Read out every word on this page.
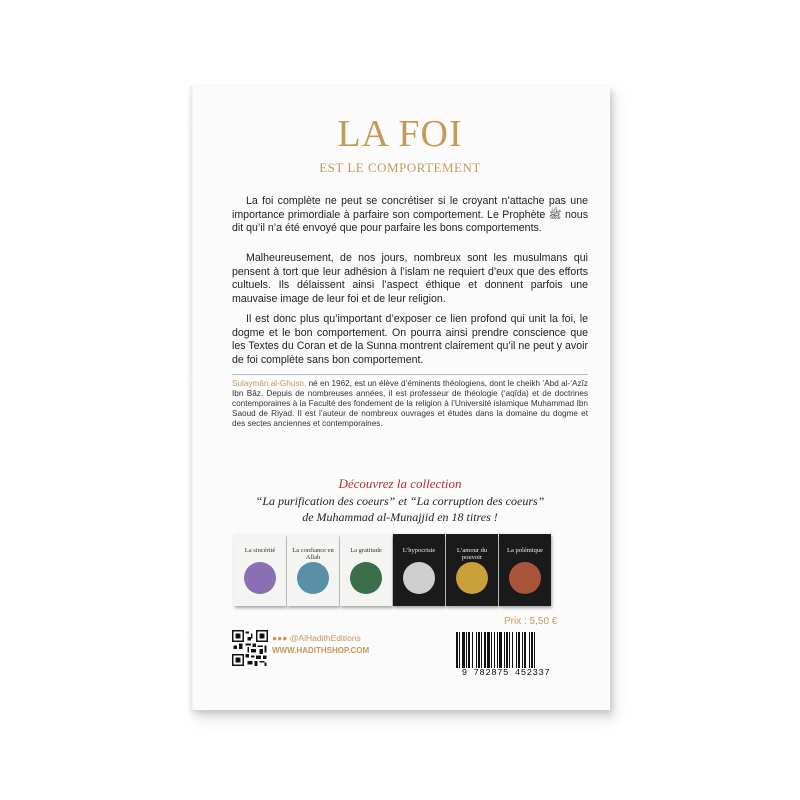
LA FOI
EST LE COMPORTEMENT
La foi complète ne peut se concrétiser si le croyant n’attache pas une importance primordiale à parfaire son comportement. Le Prophète ﷺ nous dit qu’il n’a été envoyé que pour parfaire les bons comportements.
Malheureusement, de nos jours, nombreux sont les musulmans qui pensent à tort que leur adhésion à l’islam ne requiert d’eux que des efforts cultuels. Ils délaissent ainsi l’aspect éthique et donnent parfois une mauvaise image de leur foi et de leur religion.
Il est donc plus qu’important d’exposer ce lien profond qui unit la foi, le dogme et le bon comportement. On pourra ainsi prendre conscience que les Textes du Coran et de la Sunna montrent clairement qu’il ne peut y avoir de foi complète sans bon comportement.
Sulaymân al-Ghusn, né en 1962, est un élève d’éminents théologiens, dont le cheikh ‘Abd al-‘Azîz Ibn Bâz. Depuis de nombreuses années, il est professeur de théologie (‘aqîda) et de doctrines contemporaines à la Faculté des fondement de la religion à l’Université islamique Muhammad Ibn Saoud de Riyad. Il est l’auteur de nombreux ouvrages et études dans la domaine du dogme et des sectes anciennes et contemporaines.
Découvrez la collection
“La purification des coeurs” et “La corruption des coeurs”
de Muhammad al-Munajjid en 18 titres !
La sincérité	La confiance en Allah
La gratitude	L’hypocrisie	L’amour du pouvoir
La polémique
Prix : 5,50 €
●●● @AlHadithEditions
WWW.HADITHSHOP.COM
9 782875 452337
